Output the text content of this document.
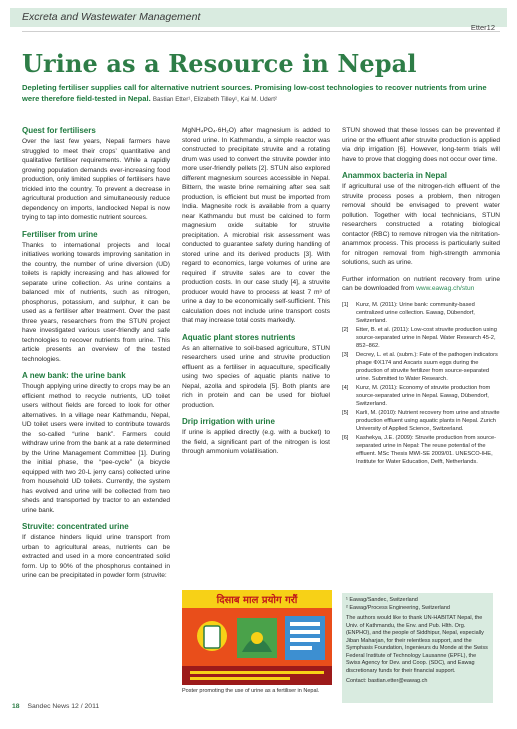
Excreta and Wastewater Management
Etter12
Urine as a Resource in Nepal
Depleting fertiliser supplies call for alternative nutrient sources. Promising low-cost technologies to recover nutrients from urine were therefore field-tested in Nepal. Bastian Etter¹, Elizabeth Tilley¹, Kai M. Udert²
Quest for fertilisers

Over the last few years, Nepali farmers have struggled to meet their crops’ quantitative and qualitative fertiliser requirements. While a rapidly growing population demands ever-increasing food production, only limited supplies of fertilisers have trickled into the country. To prevent a decrease in agricultural production and simultaneously reduce dependency on imports, landlocked Nepal is now trying to tap into domestic nutrient sources.

Fertiliser from urine

Thanks to international projects and local initiatives working towards improving sanitation in the country, the number of urine diversion (UD) toilets is rapidly increasing and has allowed for separate urine collection. As urine contains a balanced mix of nutrients, such as nitrogen, phosphorus, potassium, and sulphur, it can be used as a fertiliser after treatment. Over the past three years, researchers from the STUN project have investigated various user-friendly and safe technologies to recover nutrients from urine. This article presents an overview of the tested technologies.

A new bank: the urine bank

Though applying urine directly to crops may be an efficient method to recycle nutrients, UD toilet users without fields are forced to look for other alternatives. In a village near Kathmandu, Nepal, UD toilet users were invited to contribute towards the so-called “urine bank”. Farmers could withdraw urine from the bank at a rate determined by the Urine Management Committee [1]. During the initial phase, the “pee-cycle” (a bicycle equipped with two 20-L jerry cans) collected urine from household UD toilets. Currently, the system has evolved and urine will be collected from two sheds and transported by tractor to an extended urine bank.

Struvite: concentrated urine

If distance hinders liquid urine transport from urban to agricultural areas, nutrients can be extracted and used in a more concentrated solid form. Up to 90% of the phosphorus contained in urine can be precipitated in powder form (struvite:

MgNH₄PO₄·6H₂O) after magnesium is added to stored urine. In Kathmandu, a simple reactor was constructed to precipitate struvite and a rotating drum was used to convert the struvite powder into more user-friendly pellets [2]. STUN also explored different magnesium sources accessible in Nepal. Bittern, the waste brine remaining after sea salt production, is efficient but must be imported from India. Magnesite rock is available from a quarry near Kathmandu but must be calcined to form magnesium oxide suitable for struvite precipitation. A microbial risk assessment was conducted to guarantee safety during handling of stored urine and its derived products [3]. With regard to economics, large volumes of urine are required if struvite sales are to cover the production costs. In our case study [4], a struvite producer would have to process at least 7 m³ of urine a day to be economically self-sufficient. This calculation does not include urine transport costs that may increase total costs markedly.

Aquatic plant stores nutrients

As an alternative to soil-based agriculture, STUN researchers used urine and struvite production effluent as a fertiliser in aquaculture, specifically using two species of aquatic plants native to Nepal, azolla and spirodela [5]. Both plants are rich in protein and can be used for biofuel production.

Drip irrigation with urine

If urine is applied directly (e.g. with a bucket) to the field, a significant part of the nitrogen is lost through ammonium volatilisation.

STUN showed that these losses can be prevented if urine or the effluent after struvite production is applied via drip irrigation [6]. However, long-term trials will have to prove that clogging does not occur over time.

Anammox bacteria in Nepal

If agricultural use of the nitrogen-rich effluent of the struvite process poses a problem, then nitrogen removal should be envisaged to prevent water pollution. Together with local technicians, STUN researchers constructed a rotating biological contactor (RBC) to remove nitrogen via the nitritation-anammox process. This process is particularly suited for nitrogen removal from high-strength ammonia solutions, such as urine.

Further information on nutrient recovery from urine can be downloaded from www.eawag.ch/stun

[1]	Kunz, M. (2011): Urine bank: community-based centralized urine collection. Eawag, Dübendorf, Switzerland.
[2]	Etter, B. et al. (2011): Low-cost struvite production using source-separated urine in Nepal. Water Research 45-2, 852–862.
[3]	Decrey, L. et al. (subm.): Fate of the pathogen indicators phage ΦX174 and Ascaris suum eggs during the production of struvite fertilizer from source-separated urine. Submitted to Water Research.
[4]	Kunz, M. (2011): Economy of struvite production from source-separated urine in Nepal. Eawag, Dübendorf, Switzerland.
[5]	Karli, M. (2010): Nutrient recovery from urine and struvite production effluent using aquatic plants in Nepal. Zurich University of Applied Science, Switzerland.
[6]	Kashekya, J.E. (2009): Struvite production from source-separated urine in Nepal: The reuse potential of the effluent. MSc Thesis MWI-SE 2009/01. UNESCO-IHE, Institute for Water Education, Delft, Netherlands.
¹ Eawag/Sandec, Switzerland
² Eawag/Process Engineering, Switzerland
The authors would like to thank UN-HABITAT Nepal, the Univ. of Kathmandu, the Env. and Pub. Hlth. Org. (ENPHO), and the people of Siddhipur, Nepal, especially Jiban Maharjan, for their relentless support, and the Symphasis Foundation, Ingenieurs du Monde at the Swiss Federal Institute of Technology Lausanne (EPFL), the Swiss Agency for Dev. and Coop. (SDC), and Eawag discretionary funds for their financial support.
Contact: bastian.etter@eawag.ch
दिसाब माल प्रयोग गरौं
Poster promoting the use of urine as a fertiliser in Nepal.
18 Sandec News 12 / 2011
